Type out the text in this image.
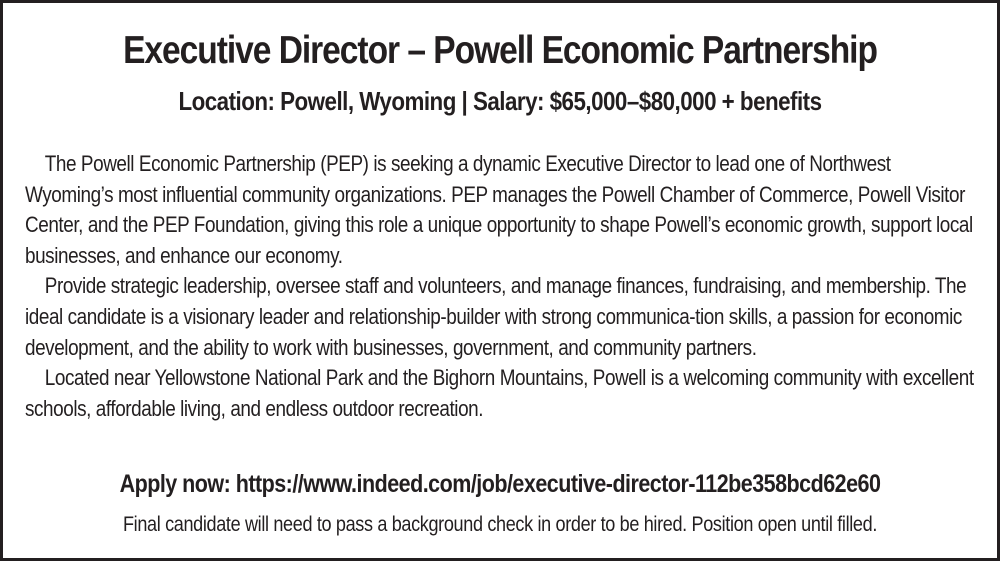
Executive Director – Powell Economic Partnership
Location: Powell, Wyoming | Salary: $65,000–$80,000 + benefits

The Powell Economic Partnership (PEP) is seeking a dynamic Executive Director to lead one of Northwest Wyoming’s most influential community organizations. PEP manages the Powell Chamber of Commerce, Powell Visitor Center, and the PEP Foundation, giving this role a unique opportunity to shape Powell’s economic growth, support local businesses, and enhance our economy.

Provide strategic leadership, oversee staff and volunteers, and manage finances, fundraising, and membership. The ideal candidate is a visionary leader and relationship-builder with strong communica-tion skills, a passion for economic development, and the ability to work with businesses, government, and community partners.

Located near Yellowstone National Park and the Bighorn Mountains, Powell is a welcoming community with excellent schools, affordable living, and endless outdoor recreation.

Apply now: https://www.indeed.com/job/executive-director-112be358bcd62e60
Final candidate will need to pass a background check in order to be hired. Position open until filled.
